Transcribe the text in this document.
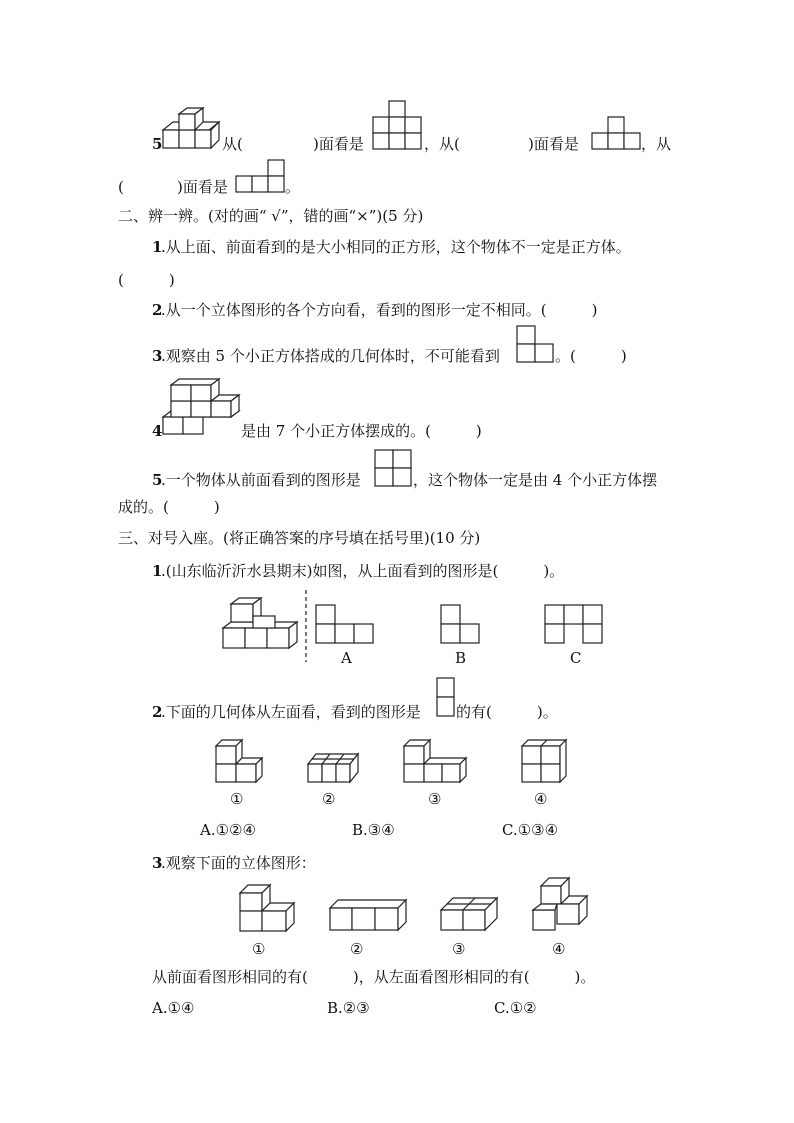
5	从(	)面看是	，从(	)面看是	，从
(	)面看是	。
二、辨一辨。(对的画“ √”，错的画“×”)(5 分)
1
.从上面、前面看到的是大小相同的正方形，这个物体不一定是正方体。
(　　　)
2
.从一个立体图形的各个方向看，看到的图形一定不相同。(　　　)
3
.观察由 5 个小正方体搭成的几何体时，不可能看到	。(　　　)
4	是由 7 个小正方体摆成的。(　　　)
5
.一个物体从前面看到的图形是	，这个物体一定是由 4 个小正方体摆
成的。(　　　)
三、对号入座。(将正确答案的序号填在括号里)(10 分)
1
.(山东临沂沂水县期末)如图，从上面看到的图形是(　　　)。
A	B	C
2
.下面的几何体从左面看，看到的图形是 的有(　　　)。
①	②	③	④
A.①②④	B.③④	C.①③④
3
.观察下面的立体图形：
①	②	③	④
从前面看图形相同的有(　　　)，从左面看图形相同的有(　　　)。
A.①④	B.②③	C.①②
